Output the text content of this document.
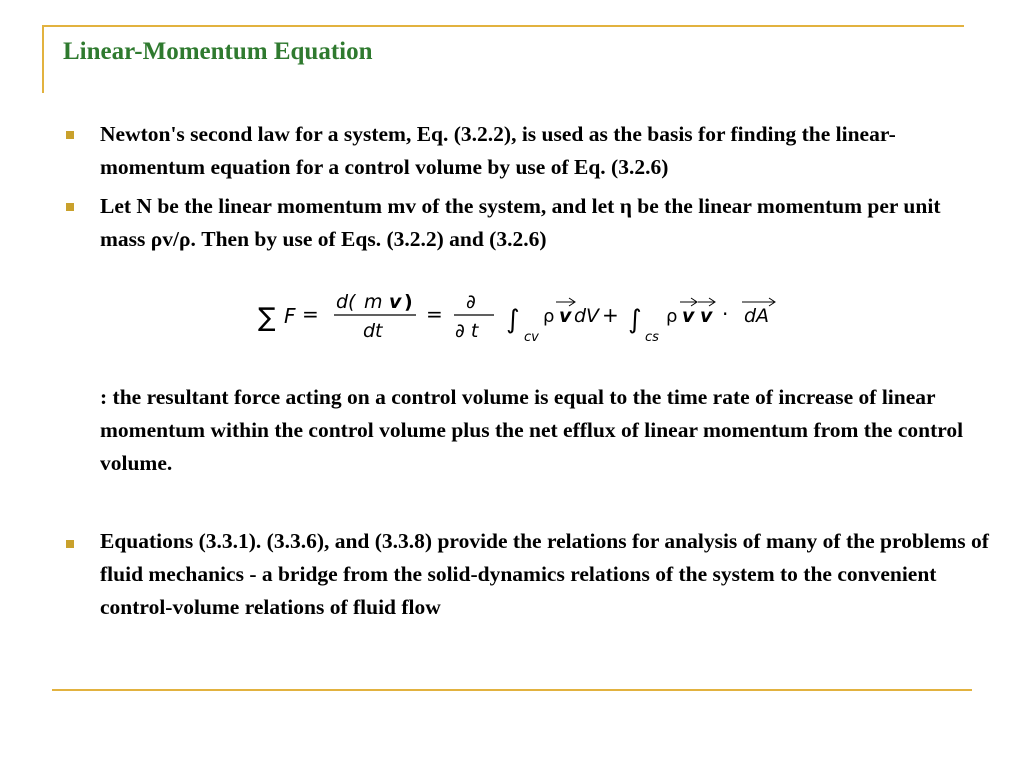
Linear-Momentum Equation
Newton's second law for a system, Eq. (3.2.2), is used as the basis for finding the linear-momentum equation for a control volume by use of Eq. (3.2.6)
Let N be the linear momentum mv of the system, and let η be the linear momentum per unit mass ρv/ρ. Then by use of Eqs. (3.2.2) and (3.2.6)
∑ F = d( m v )
dt
= ∂
∂ t ∫
cv
ρ v dV + ∫
cs
ρ v v · dA
: the resultant force acting on a control volume is equal to the time rate of increase of linear momentum within the control volume plus the net efflux of linear momentum from the control volume.
Equations (3.3.1). (3.3.6), and (3.3.8) provide the relations for analysis of many of the problems of fluid mechanics - a bridge from the solid-dynamics relations of the system to the convenient control-volume relations of fluid flow
